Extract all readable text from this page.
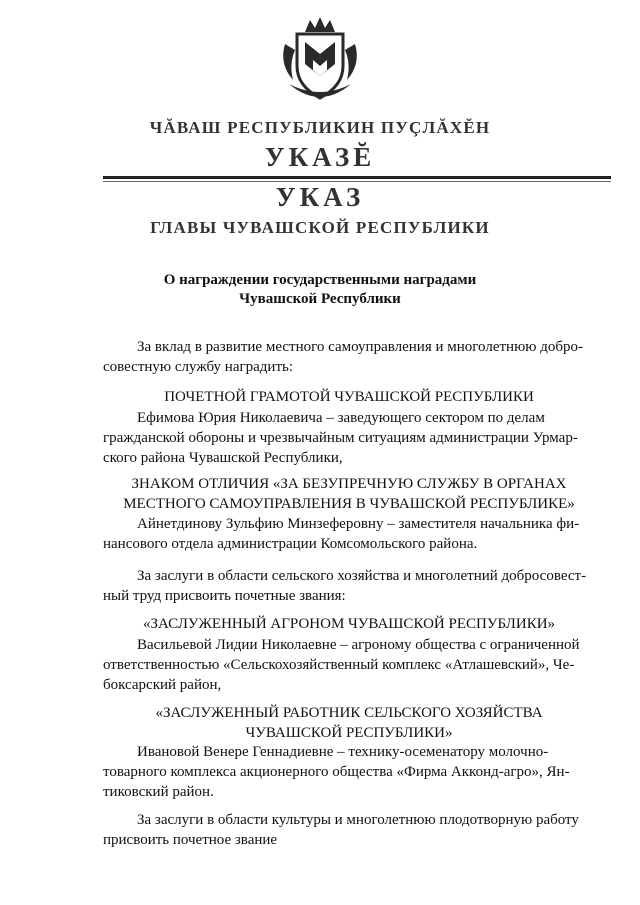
ЧĂВАШ РЕСПУБЛИКИН ПУÇЛĂХĔН
УКАЗĔ
УКАЗ
ГЛАВЫ ЧУВАШСКОЙ РЕСПУБЛИКИ
О награждении государственными наградами
Чувашской Республики
За вклад в развитие местного самоуправления и многолетнюю добро-
совестную службу наградить:
ПОЧЕТНОЙ ГРАМОТОЙ ЧУВАШСКОЙ РЕСПУБЛИКИ
Ефимова Юрия Николаевича – заведующего сектором по делам
гражданской обороны и чрезвычайным ситуациям администрации Урмар-
ского района Чувашской Республики,
ЗНАКОМ ОТЛИЧИЯ «ЗА БЕЗУПРЕЧНУЮ СЛУЖБУ В ОРГАНАХ
МЕСТНОГО САМОУПРАВЛЕНИЯ В ЧУВАШСКОЙ РЕСПУБЛИКЕ»
Айнетдинову Зульфию Минзеферовну – заместителя начальника фи-
нансового отдела администрации Комсомольского района.
За заслуги в области сельского хозяйства и многолетний добросовест-
ный труд присвоить почетные звания:
«ЗАСЛУЖЕННЫЙ АГРОНОМ ЧУВАШСКОЙ РЕСПУБЛИКИ»
Васильевой Лидии Николаевне – агроному общества с ограниченной
ответственностью «Сельскохозяйственный комплекс «Атлашевский», Че-
боксарский район,
«ЗАСЛУЖЕННЫЙ РАБОТНИК СЕЛЬСКОГО ХОЗЯЙСТВА
ЧУВАШСКОЙ РЕСПУБЛИКИ»
Ивановой Венере Геннадиевне – технику-осеменатору молочно-
товарного комплекса акционерного общества «Фирма Акконд-агро», Ян-
тиковский район.
За заслуги в области культуры и многолетнюю плодотворную работу
присвоить почетное звание
